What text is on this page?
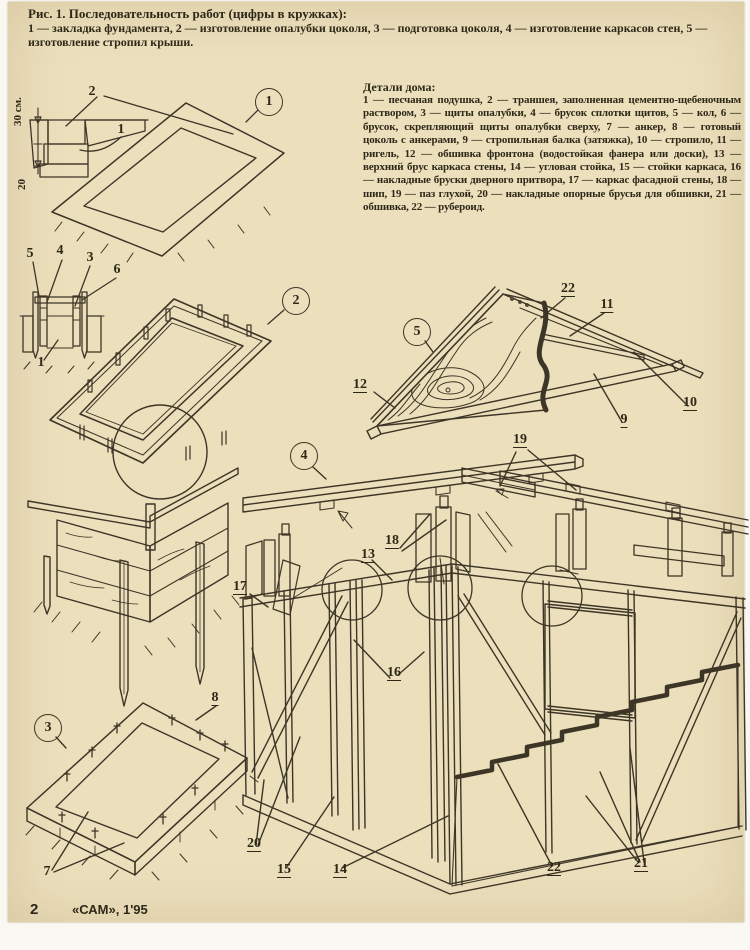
Рис. 1. Последовательность работ (цифры в кружках):
1 — закладка фундамента, 2 — изготовление опалубки цоколя, 3 — подготовка цоколя, 4 — изготовление каркасов стен, 5 — изготовление стропил крыши.
Детали дома:
1 — песчаная подушка, 2 — траншея, заполненная цементно-щебеночным раствором, 3 — щиты опалубки, 4 — брусок сплотки щитов, 5 — кол, 6 — брусок, скрепляющий щиты опалубки сверху, 7 — анкер, 8 — готовый цоколь с анкерами, 9 — стропильная балка (затяжка), 10 — стропило, 11 — ригель, 12 — обшивка фронтона (водостойкая фанера или доски), 13 — верхний брус каркаса стены, 14 — угловая стойка, 15 — стойки каркаса, 16 — накладные бруски дверного притвора, 17 — каркас фасадной стены, 18 — шип, 19 — паз глухой, 20 — накладные опорные брусья для обшивки, 21 — обшивка, 22 — рубероид.
1
2
3
4
5
30 см.
20
2
1
5 4 3
6
1
8
7
19
18
13
17
16
20
15	14	22	21
22
11
12
10
9
2	«САМ», 1'95
